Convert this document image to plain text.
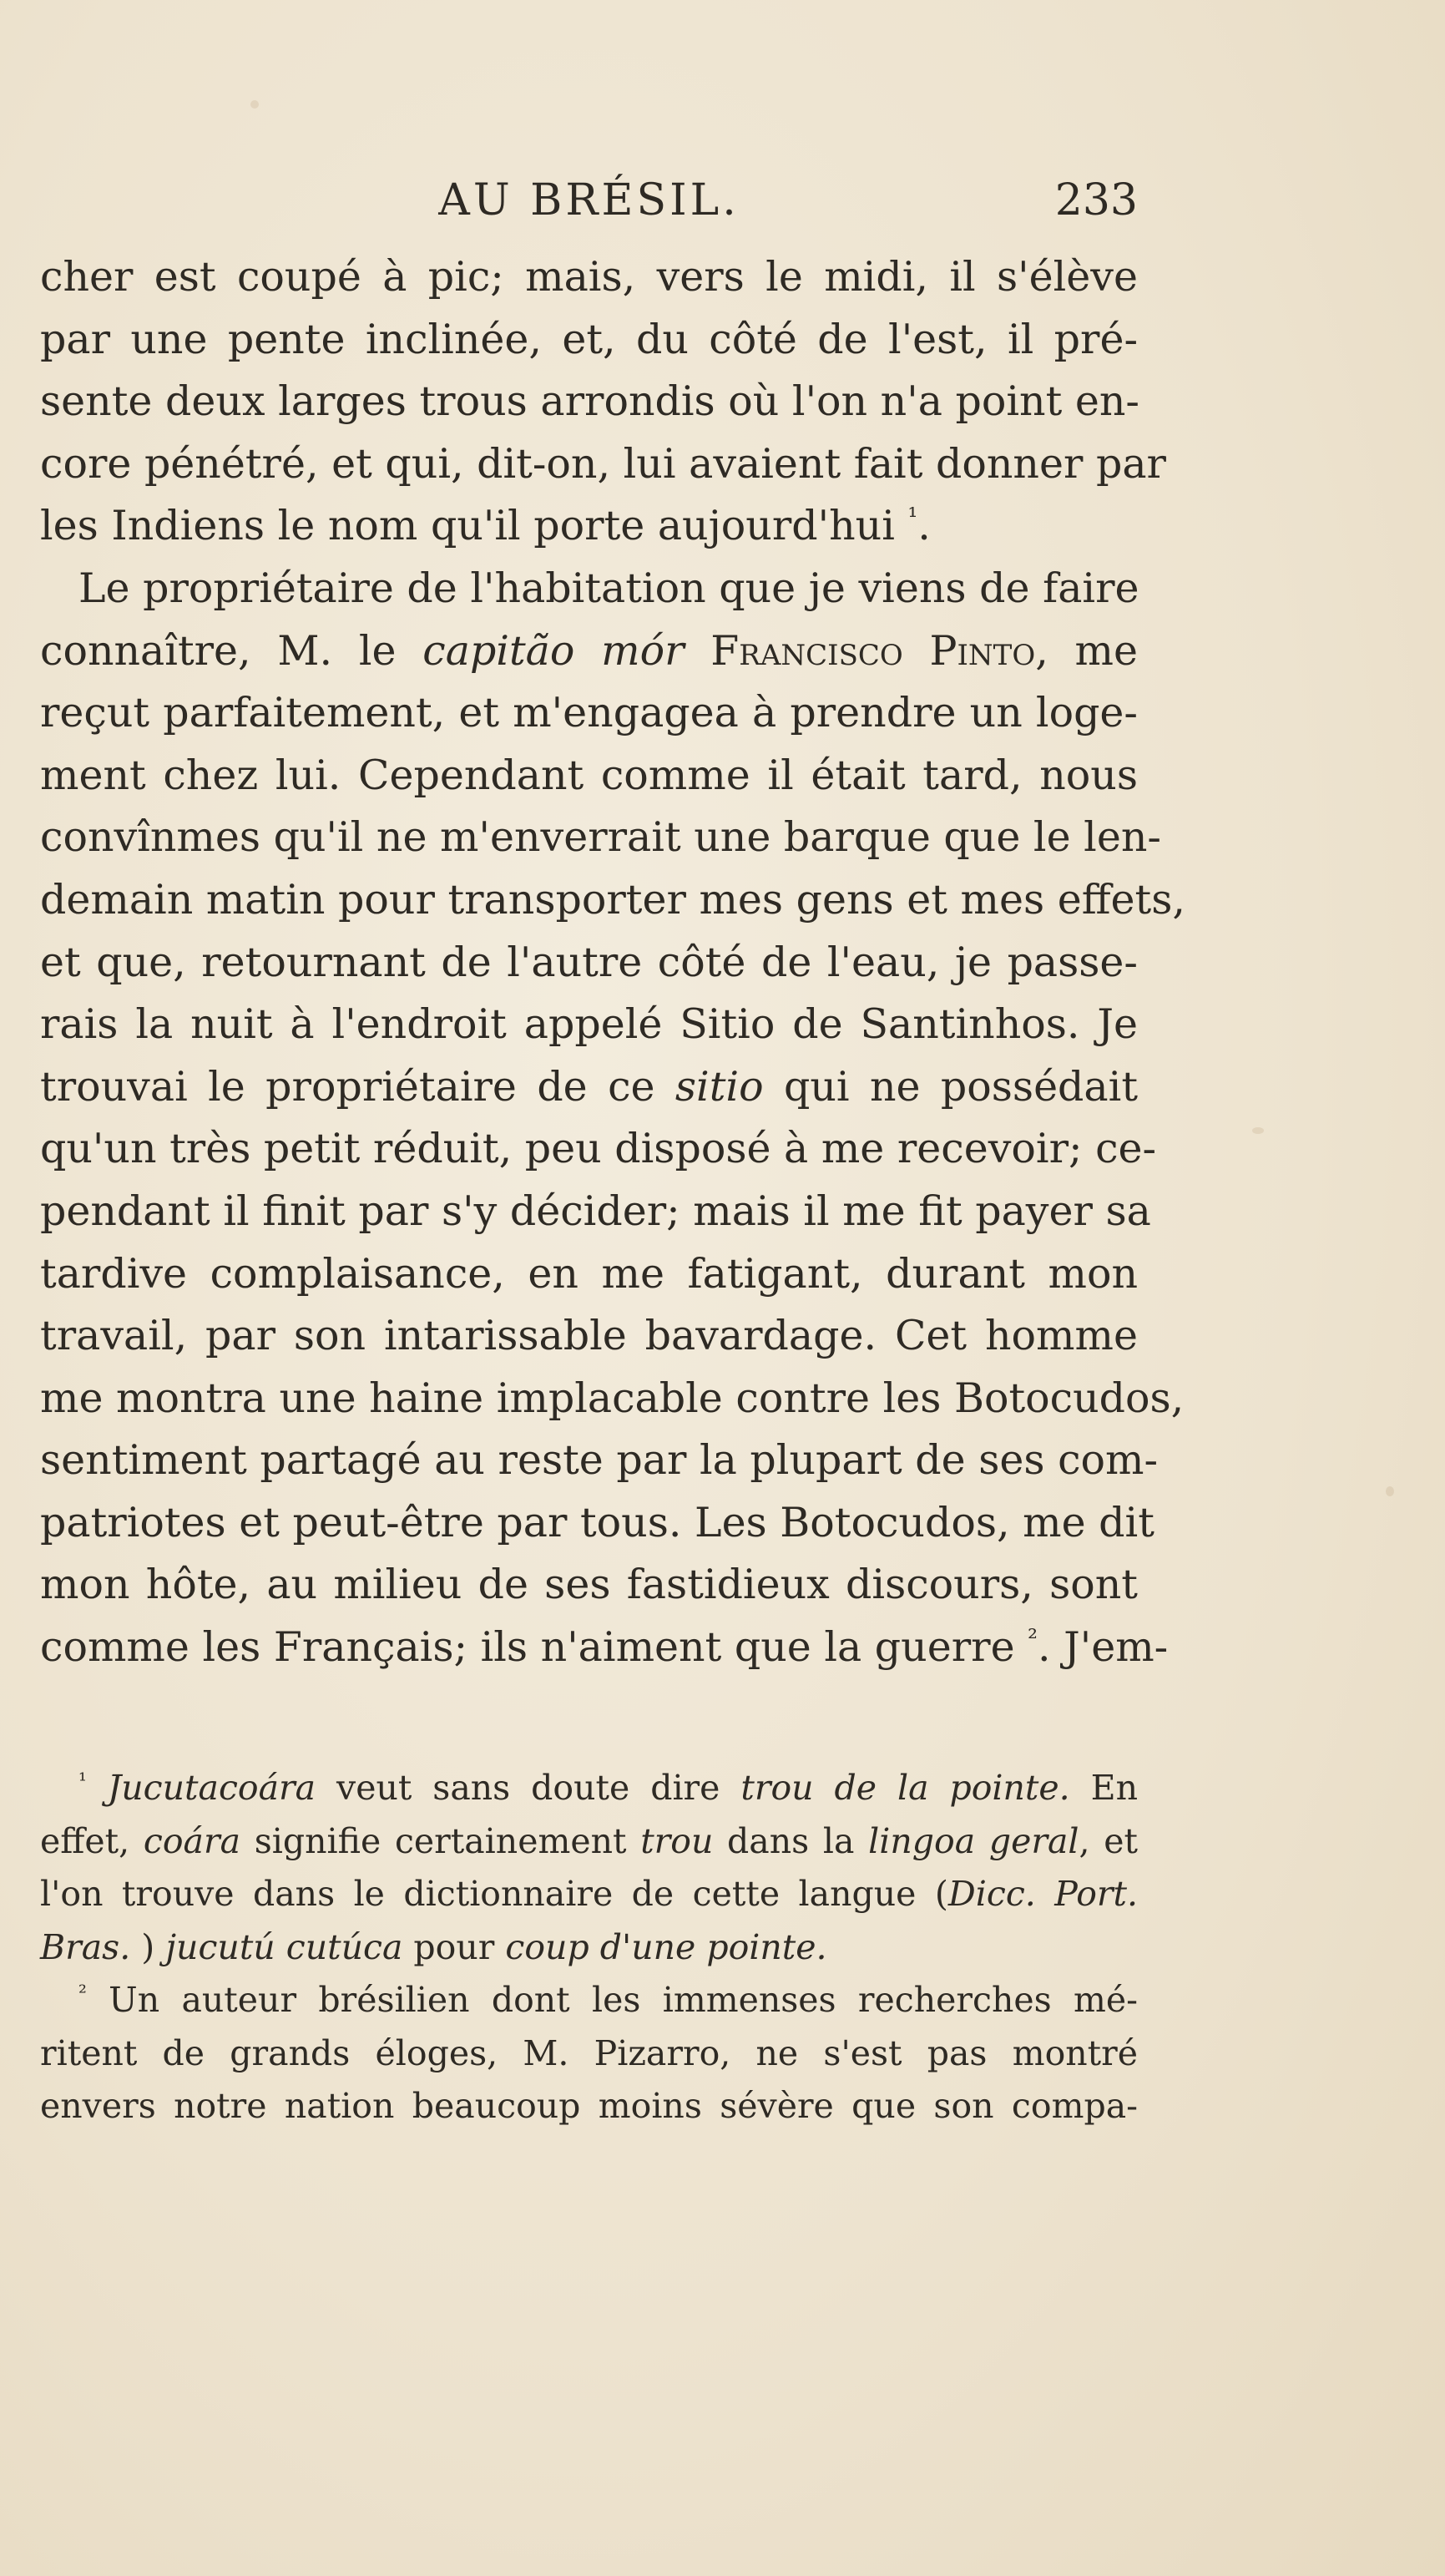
AU BRÉSIL.	233
cher est coupé à pic; mais, vers le midi, il s'élève
par une pente inclinée, et, du côté de l'est, il pré-
sente deux larges trous arrondis où l'on n'a point en-
core pénétré, et qui, dit-on, lui avaient fait donner par
les Indiens le nom qu'il porte aujourd'hui $^{^1}$.
Le propriétaire de l'habitation que je viens de faire
connaître, M. le capitão mór Francisco Pinto, me
reçut parfaitement, et m'engagea à prendre un loge-
ment chez lui. Cependant comme il était tard, nous
convînmes qu'il ne m'enverrait une barque que le len-
demain matin pour transporter mes gens et mes effets,
et que, retournant de l'autre côté de l'eau, je passe-
rais la nuit à l'endroit appelé Sitio de Santinhos. Je
trouvai le propriétaire de ce sitio qui ne possédait
qu'un très petit réduit, peu disposé à me recevoir; ce-
pendant il finit par s'y décider; mais il me fit payer sa
tardive complaisance, en me fatigant, durant mon
travail, par son intarissable bavardage. Cet homme
me montra une haine implacable contre les Botocudos,
sentiment partagé au reste par la plupart de ses com-
patriotes et peut-être par tous. Les Botocudos, me dit
mon hôte, au milieu de ses fastidieux discours, sont
comme les Français; ils n'aiment que la guerre $^{^2}$. J'em-
$^{^1}$ Jucutacoára veut sans doute dire trou de la pointe. En
effet, coára signifie certainement trou dans la lingoa geral, et
l'on trouve dans le dictionnaire de cette langue (Dicc. Port.
Bras. ) jucutú cutúca pour coup d'une pointe.
$^{^2}$ Un auteur brésilien dont les immenses recherches mé-
ritent de grands éloges, M. Pizarro, ne s'est pas montré
envers notre nation beaucoup moins sévère que son compa-
